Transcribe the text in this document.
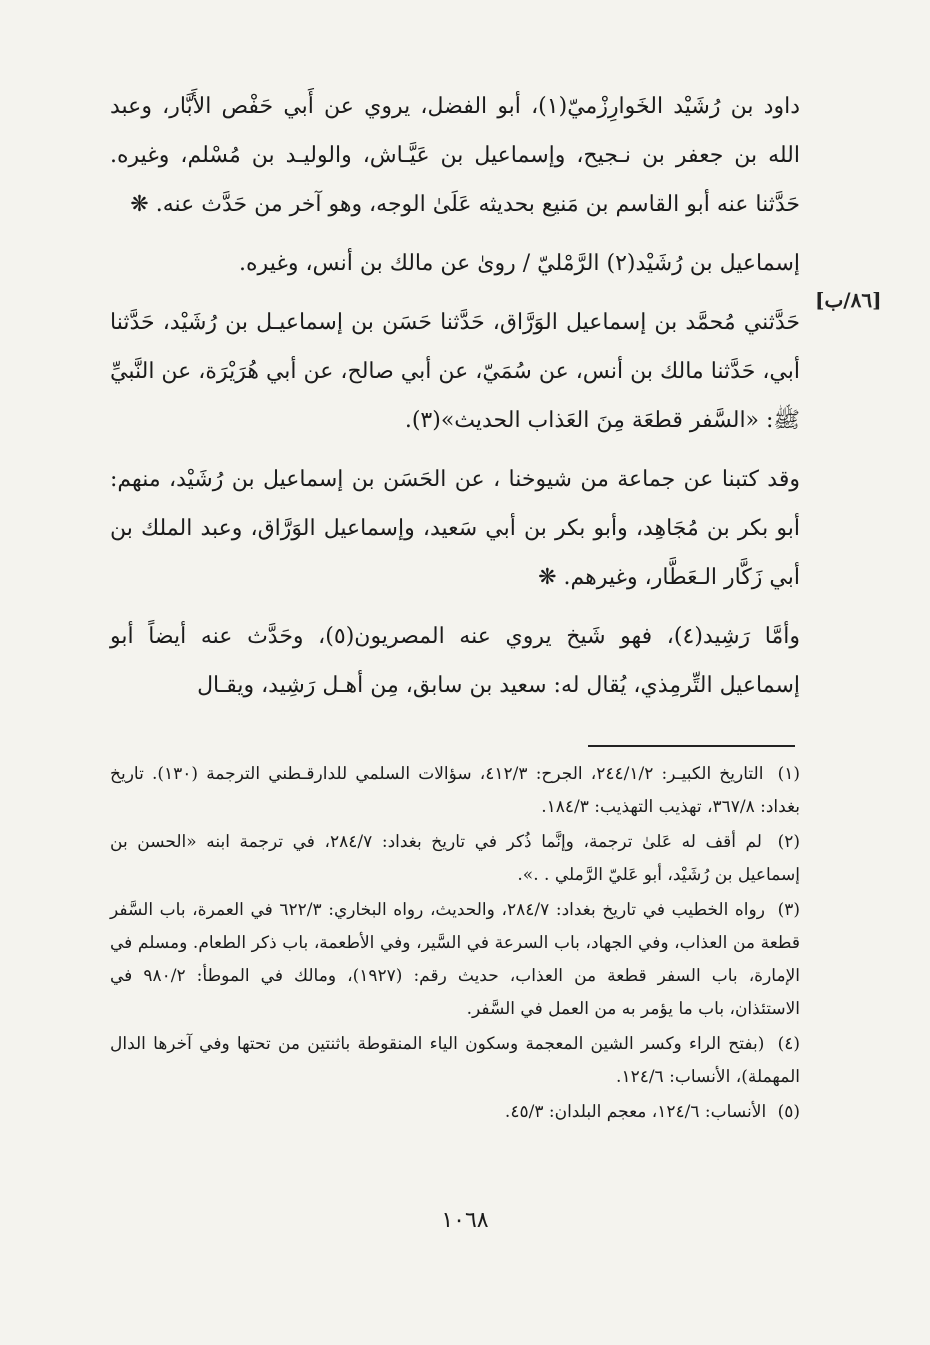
[٨٦/ب]

داود بن رُشَيْد الخَوارِزْميّ(١)، أبو الفضل، يروي عن أَبي حَفْص الأَبَّار، وعبد الله بن جعفر بن نـجيح، وإسماعيل بن عَيَّـاش، والوليـد بن مُسْلم، وغيره. حَدَّثنا عنه أبو القاسم بن مَنيع بحديثه عَلَىٰ الوجه، وهو آخر من حَدَّث عنه. ❋

إسماعيل بن رُشَيْد(٢) الرَّمْليّ / روىٰ عن مالك بن أنس، وغيره.

حَدَّثني مُحمَّد بن إسماعيل الوَرَّاق، حَدَّثنا حَسَن بن إسماعيـل بن رُشَيْد، حَدَّثنا أبي، حَدَّثنا مالك بن أنس، عن سُمَيّ، عن أبي صالح، عن أبي هُرَيْرَة، عن النَّبيِّ ﷺ: «السَّفر قطعَة مِنَ العَذاب الحديث»(٣).

وقد كتبنا عن جماعة من شيوخنا ، عن الحَسَن بن إسماعيل بن رُشَيْد، منهم: أبو بكر بن مُجَاهِد، وأبو بكر بن أبي سَعيد، وإسماعيل الوَرَّاق، وعبد الملك بن أبي زَكَّار الـعَطَّار، وغيرهم. ❋

وأمَّا رَشِيد(٤)، فهو شَيخ يروي عنه المصريون(٥)، وحَدَّث عنه أيضاً أبو إسماعيل التِّرمِذي، يُقال له: سعيد بن سابق، مِن أهـل رَشِيد، ويقـال

(١) التاريخ الكبيـر: ٢٤٤/١/٢، الجرح: ٤١٢/٣، سؤالات السلمي للدارقـطني الترجمة (١٣٠). تاريخ بغداد: ٣٦٧/٨، تهذيب التهذيب: ١٨٤/٣.

(٢) لم أقف له عَلىٰ ترجمة، وإنَّما ذُكر في تاريخ بغداد: ٢٨٤/٧، في ترجمة ابنه «الحسن بن إسماعيل بن رُشَيْد، أبو عَليّ الرَّملي . .».

(٣) رواه الخطيب في تاريخ بغداد: ٢٨٤/٧، والحديث، رواه البخاري: ٦٢٢/٣ في العمرة، باب السَّفر قطعة من العذاب، وفي الجهاد، باب السرعة في السَّير، وفي الأطعمة، باب ذكر الطعام. ومسلم في الإمارة، باب السفر قطعة من العذاب، حديث رقم: (١٩٢٧)، ومالك في الموطأ: ٩٨٠/٢ في الاستئذان، باب ما يؤمر به من العمل في السَّفر.

(٤) (بفتح الراء وكسر الشين المعجمة وسكون الياء المنقوطة باثنتين من تحتها وفي آخرها الدال المهملة)، الأنساب: ١٢٤/٦.

(٥) الأنساب: ١٢٤/٦، معجم البلدان: ٤٥/٣.

١٠٦٨
